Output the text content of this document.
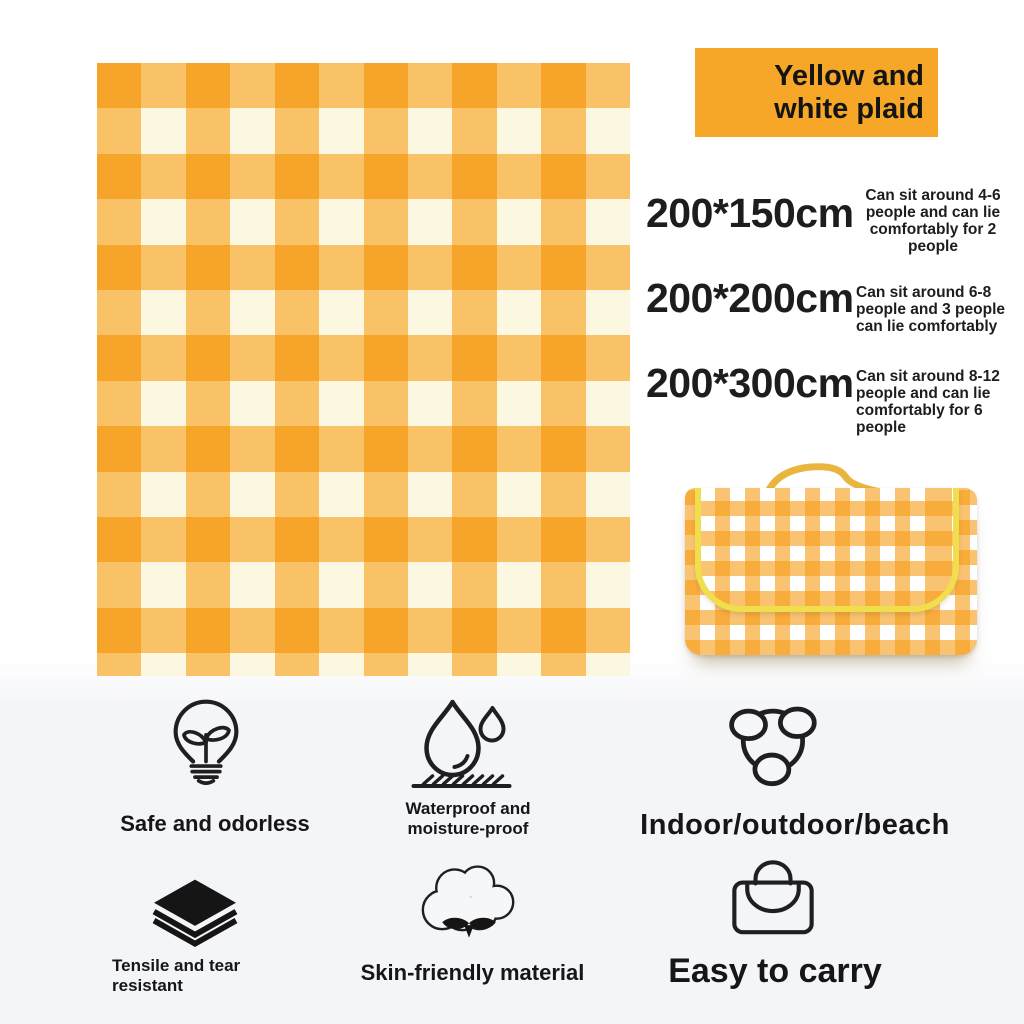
Yellow and white plaid
200*150cm Can sit around 4-6 people and can lie comfortably for 2 people
200*200cm Can sit around 6-8 people and 3 people can lie comfortably
200*300cm Can sit around 8-12 people and can lie comfortably for 6 people
Safe and odorless
Waterproof and moisture-proof	Indoor/outdoor/beach
Tensile and tear resistant
Skin-friendly material	Easy to carry
